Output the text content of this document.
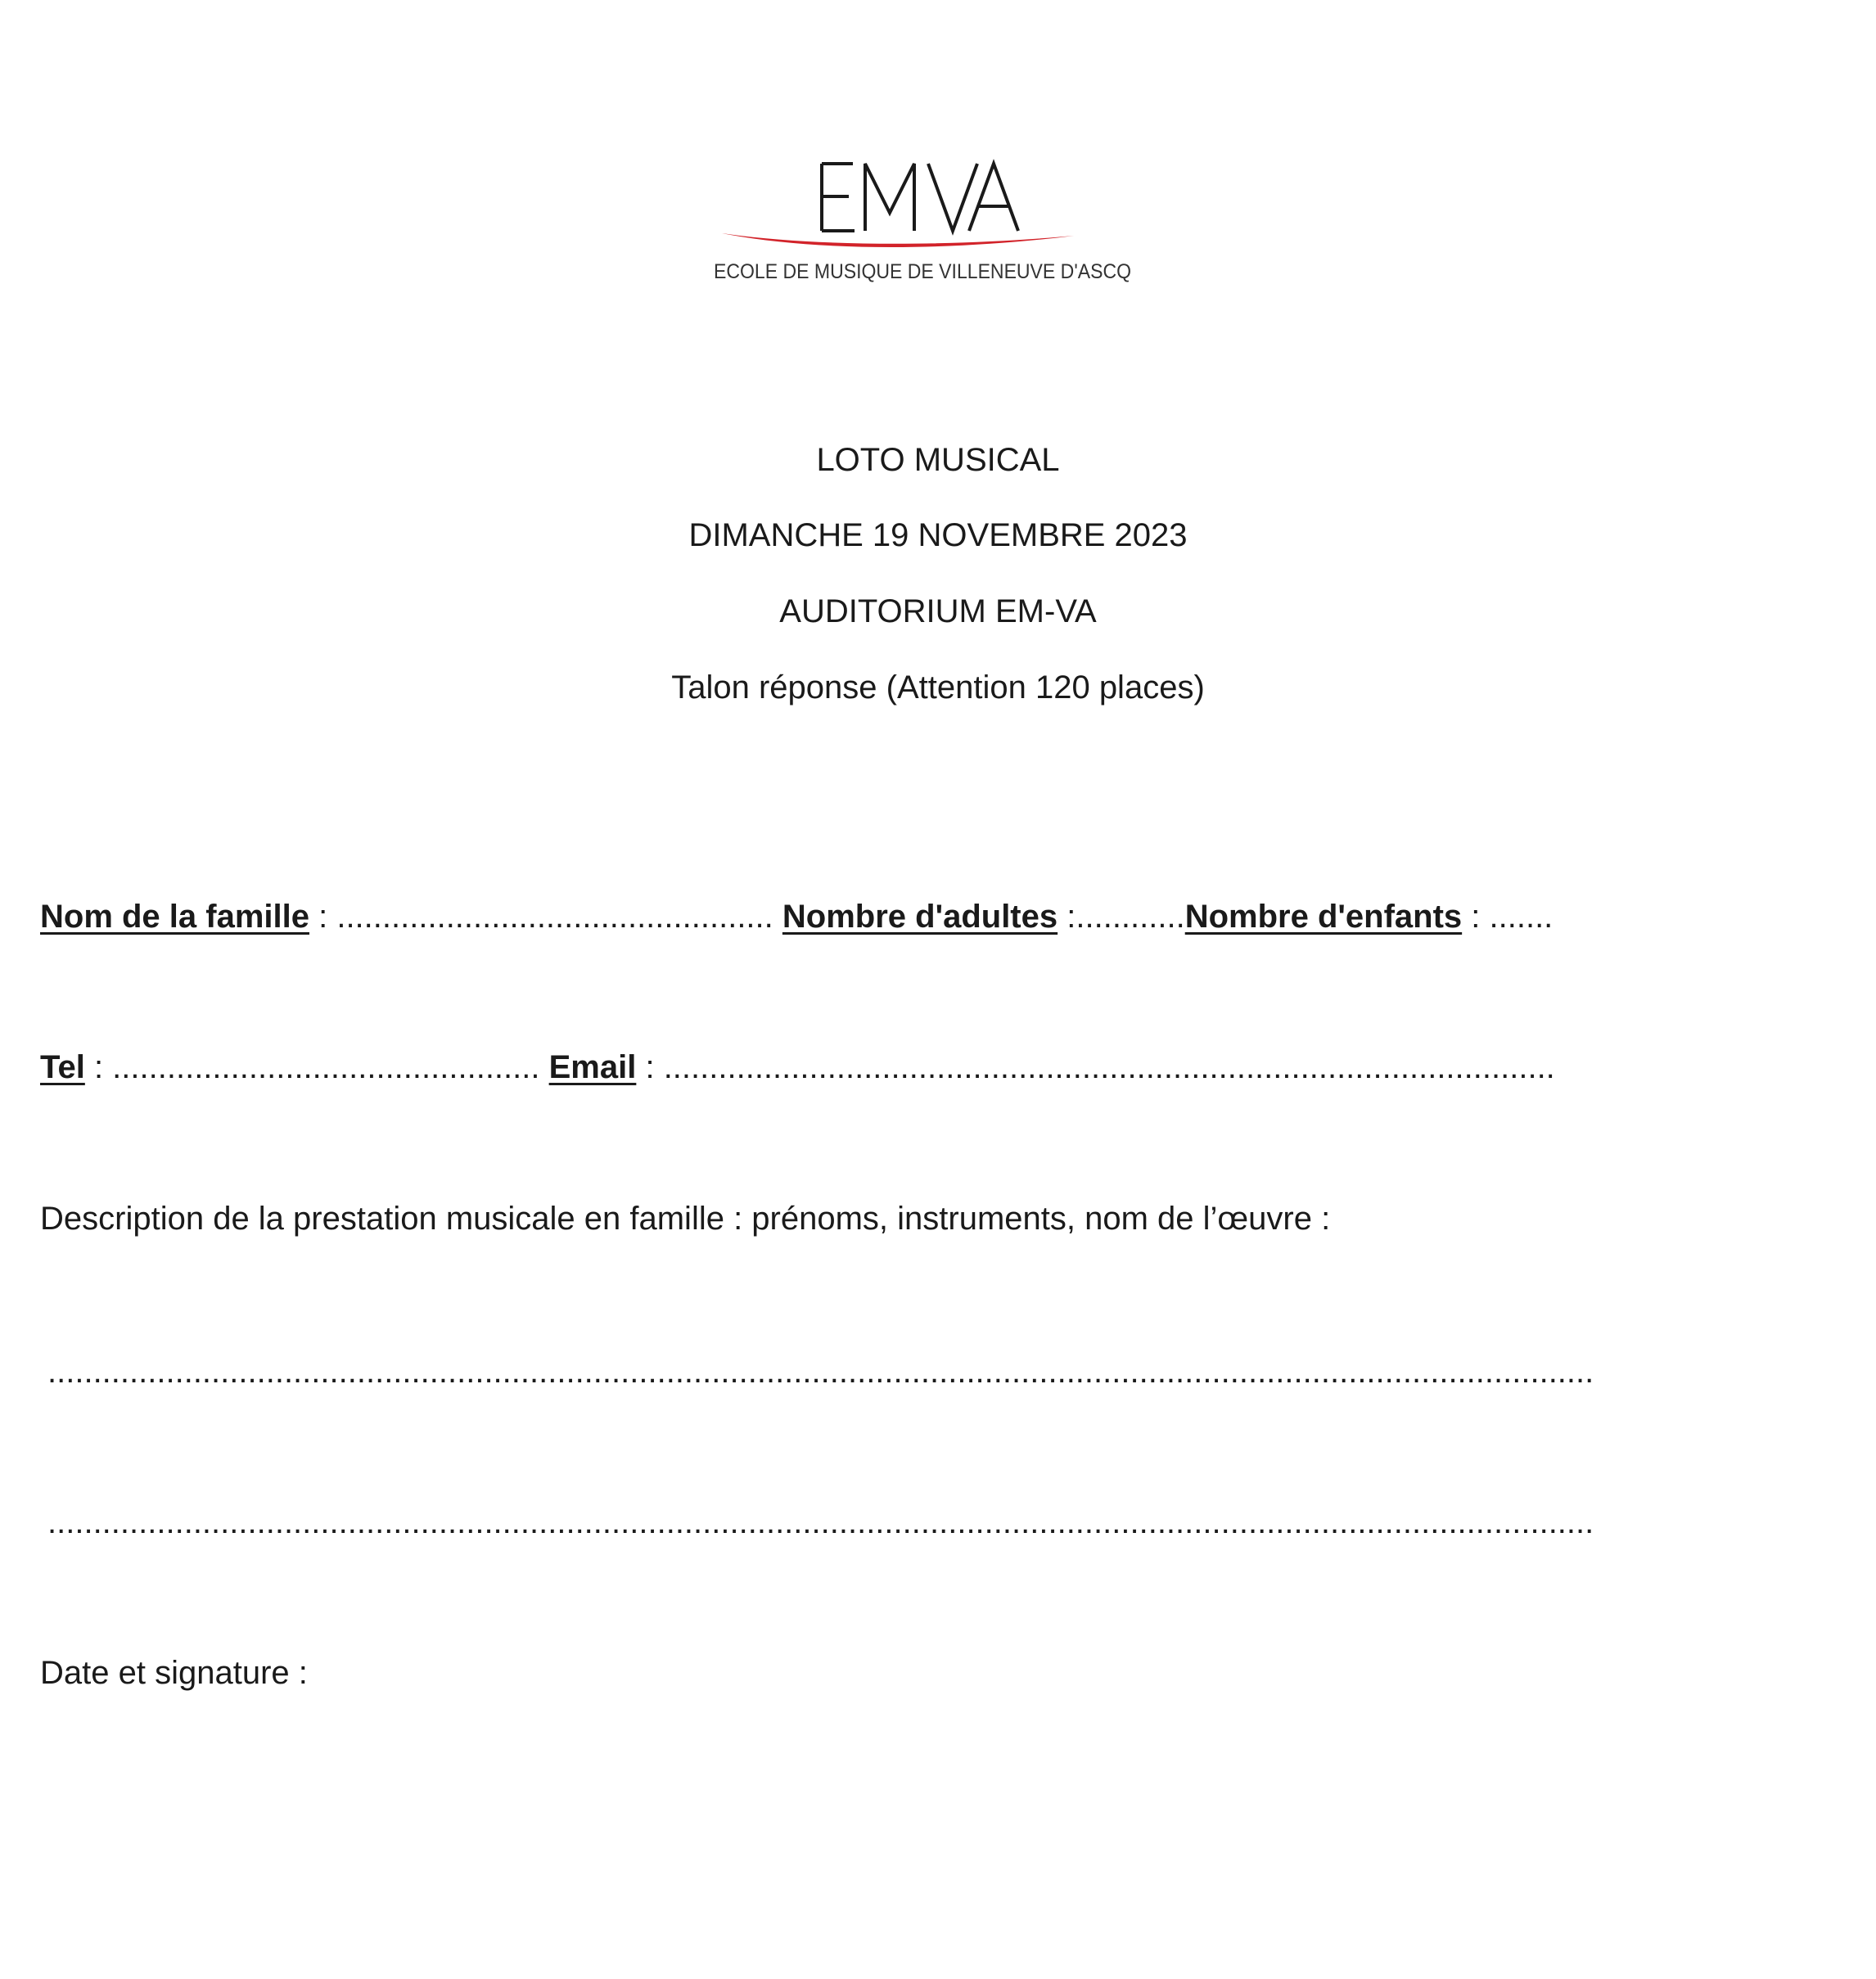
ECOLE DE MUSIQUE DE VILLENEUVE D'ASCQ
LOTO MUSICAL
DIMANCHE 19 NOVEMBRE 2023
AUDITORIUM EM-VA
Talon réponse (Attention 120 places)
Nom de la famille : ................................................ Nombre d'adultes :............Nombre d'enfants : .......
Tel : ............................................... Email : ..................................................................................................
Description de la prestation musicale en famille : prénoms, instruments, nom de l’œuvre :
..........................................................................................................................................................................
..........................................................................................................................................................................
Date et signature :
